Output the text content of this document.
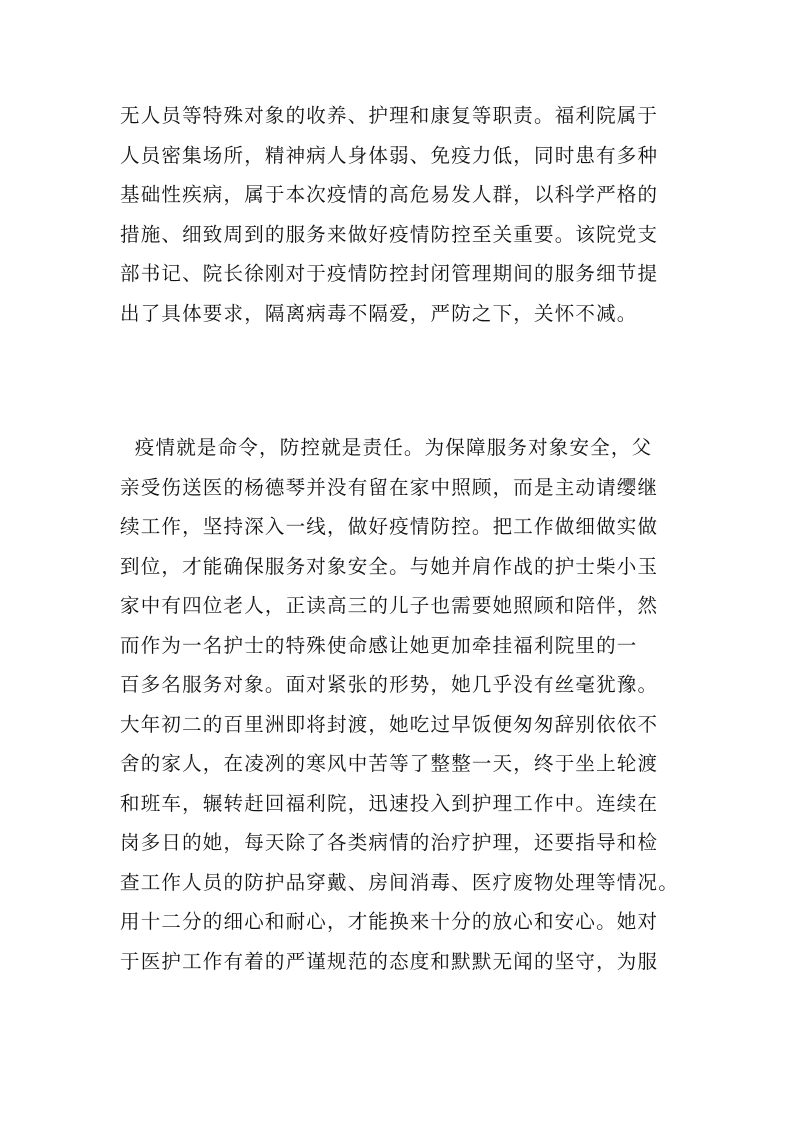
无人员等特殊对象的收养、护理和康复等职责。福利院属于
人员密集场所，精神病人身体弱、免疫力低，同时患有多种
基础性疾病，属于本次疫情的高危易发人群，以科学严格的
措施、细致周到的服务来做好疫情防控至关重要。该院党支
部书记、院长徐刚对于疫情防控封闭管理期间的服务细节提
出了具体要求，隔离病毒不隔爱，严防之下，关怀不减。
疫情就是命令，防控就是责任。为保障服务对象安全，父
亲受伤送医的杨德琴并没有留在家中照顾，而是主动请缨继
续工作，坚持深入一线，做好疫情防控。把工作做细做实做
到位，才能确保服务对象安全。与她并肩作战的护士柴小玉
家中有四位老人，正读高三的儿子也需要她照顾和陪伴，然
而作为一名护士的特殊使命感让她更加牵挂福利院里的一
百多名服务对象。面对紧张的形势，她几乎没有丝毫犹豫。
大年初二的百里洲即将封渡，她吃过早饭便匆匆辞别依依不
舍的家人，在凌冽的寒风中苦等了整整一天，终于坐上轮渡
和班车，辗转赶回福利院，迅速投入到护理工作中。连续在
岗多日的她，每天除了各类病情的治疗护理，还要指导和检
查工作人员的防护品穿戴、房间消毒、医疗废物处理等情况。
用十二分的细心和耐心，才能换来十分的放心和安心。她对
于医护工作有着的严谨规范的态度和默默无闻的坚守，为服
